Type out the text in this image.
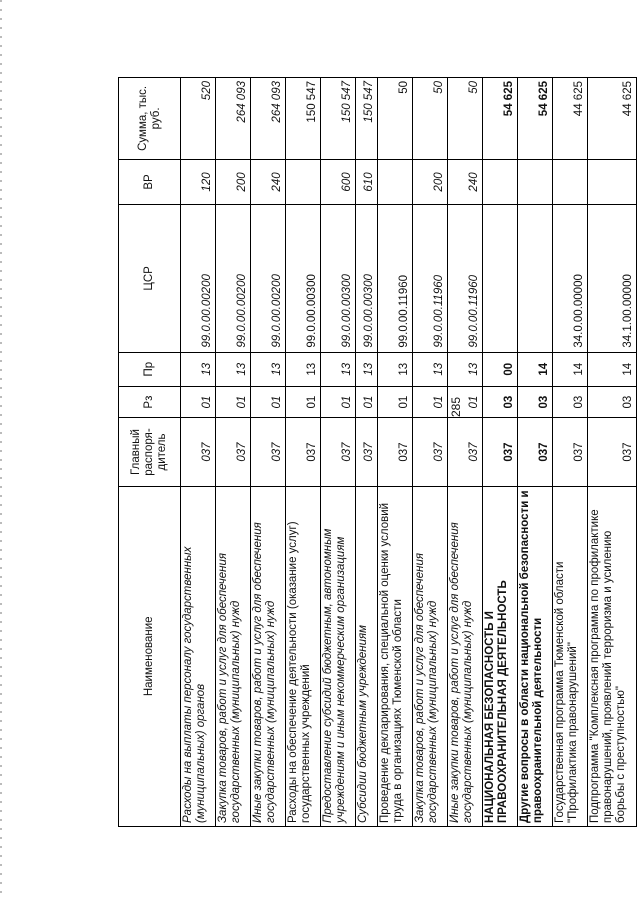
285
Наименование	Главный распоря-дитель	Рз	Пр	ЦСР	ВР	Сумма, тыс. руб.
Расходы на выплаты персоналу государственных (муниципальных) органов	037	01	13	99.0.00.00200	120	520
Закупка товаров, работ и услуг для обеспечения государственных (муниципальных) нужд	037	01	13	99.0.00.00200	200	264 093
Иные закупки товаров, работ и услуг для обеспечения государственных (муниципальных) нужд	037	01	13	99.0.00.00200	240	264 093
Расходы на обеспечение деятельности (оказание услуг) государственных учреждений	037	01	13	99.0.00.00300		150 547
Предоставление субсидий бюджетным, автономным учреждениям и иным некоммерческим организациям	037	01	13	99.0.00.00300	600	150 547
Субсидии бюджетным учреждениям	037	01	13	99.0.00.00300	610	150 547
Проведение декларирования, специальной оценки условий труда в организациях Тюменской области	037	01	13	99.0.00.11960		50
Закупка товаров, работ и услуг для обеспечения государственных (муниципальных) нужд	037	01	13	99.0.00.11960	200	50
Иные закупки товаров, работ и услуг для обеспечения государственных (муниципальных) нужд	037	01	13	99.0.00.11960	240	50
НАЦИОНАЛЬНАЯ БЕЗОПАСНОСТЬ И ПРАВООХРАНИТЕЛЬНАЯ ДЕЯТЕЛЬНОСТЬ	037	03	00			54 625
Другие вопросы в области национальной безопасности и правоохранительной деятельности	037	03	14			54 625
Государственная программа Тюменской области "Профилактика правонарушений"	037	03	14	34.0.00.00000		44 625
Подпрограмма "Комплексная программа по профилактике правонарушений, проявлений терроризма и усилению борьбы с преступностью"	037	03	14	34.1.00.00000		44 625
